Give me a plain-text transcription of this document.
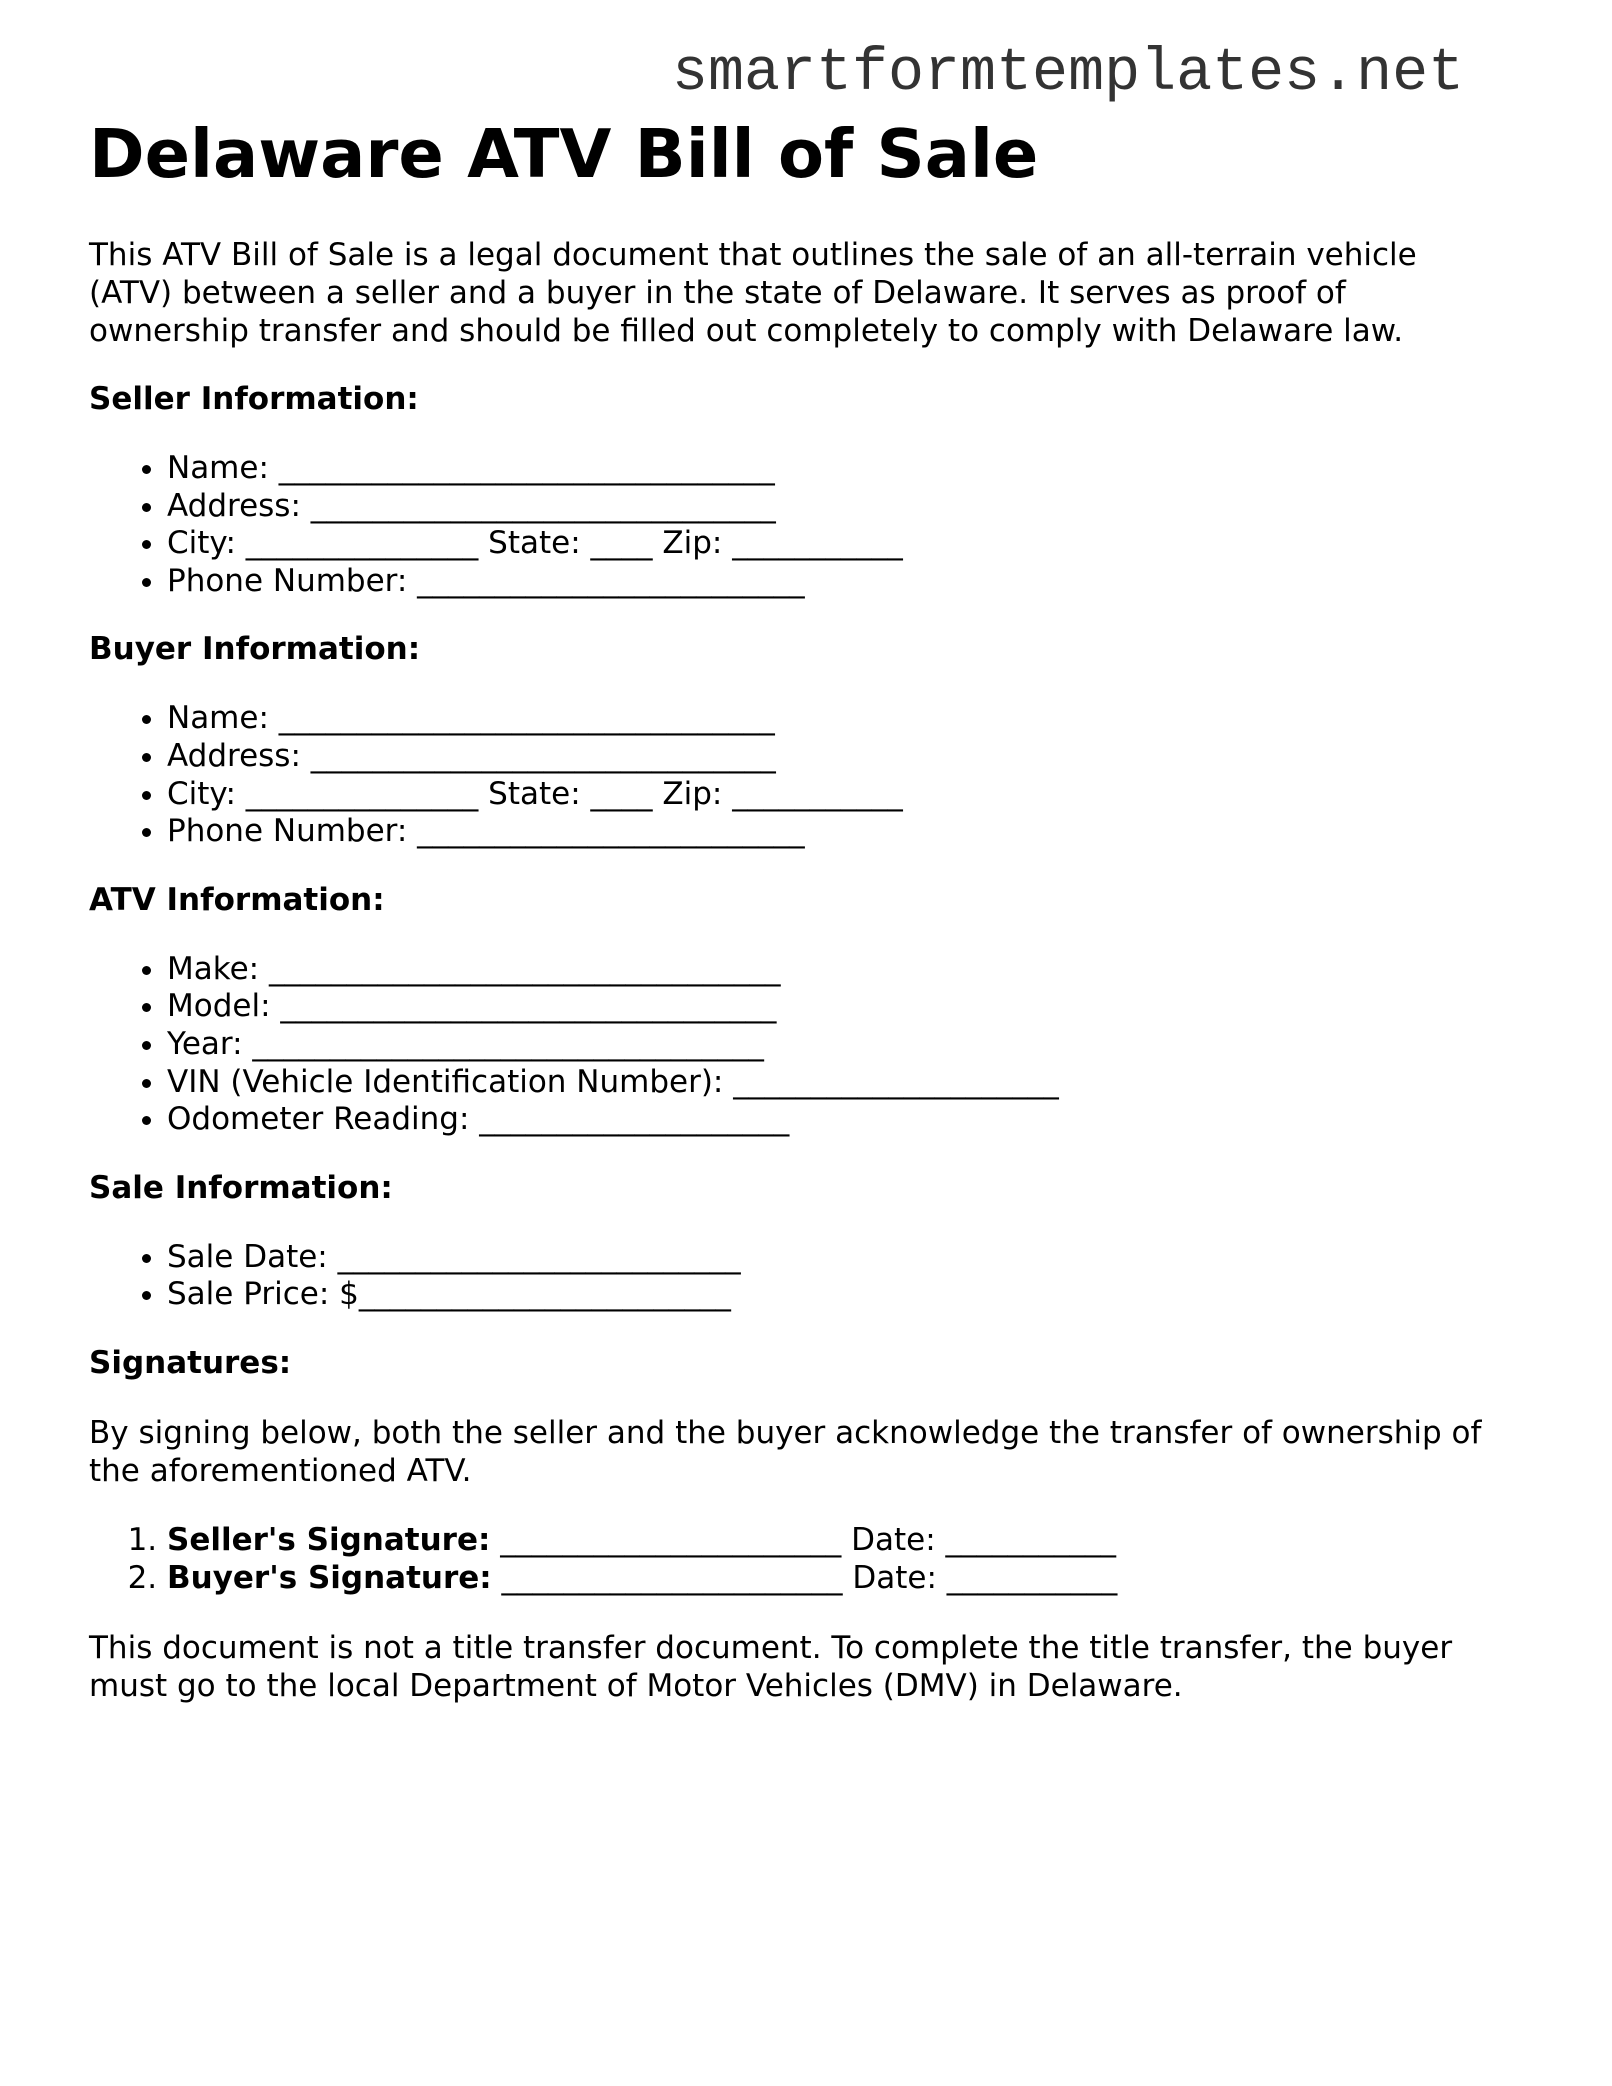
smartformtemplates.net
Delaware ATV Bill of Sale

This ATV Bill of Sale is a legal document that outlines the sale of an all-terrain vehicle (ATV) between a seller and a buyer in the state of Delaware. It serves as proof of ownership transfer and should be filled out completely to comply with Delaware law.

Seller Information:
• Name: ________________________________
• Address: ______________________________
• City: _______________ State: ____ Zip: ___________
• Phone Number: _________________________
Buyer Information:
• Name: ________________________________
• Address: ______________________________
• City: _______________ State: ____ Zip: ___________
• Phone Number: _________________________
ATV Information:
• Make: _________________________________
• Model: ________________________________
• Year: _________________________________
• VIN (Vehicle Identification Number): _____________________
• Odometer Reading: ____________________
Sale Information:
• Sale Date: __________________________
• Sale Price: $________________________
Signatures:

By signing below, both the seller and the buyer acknowledge the transfer of ownership of the aforementioned ATV.

1. Seller's Signature: ______________________ Date: ___________
2. Buyer's Signature: ______________________ Date: ___________

This document is not a title transfer document. To complete the title transfer, the buyer must go to the local Department of Motor Vehicles (DMV) in Delaware.
